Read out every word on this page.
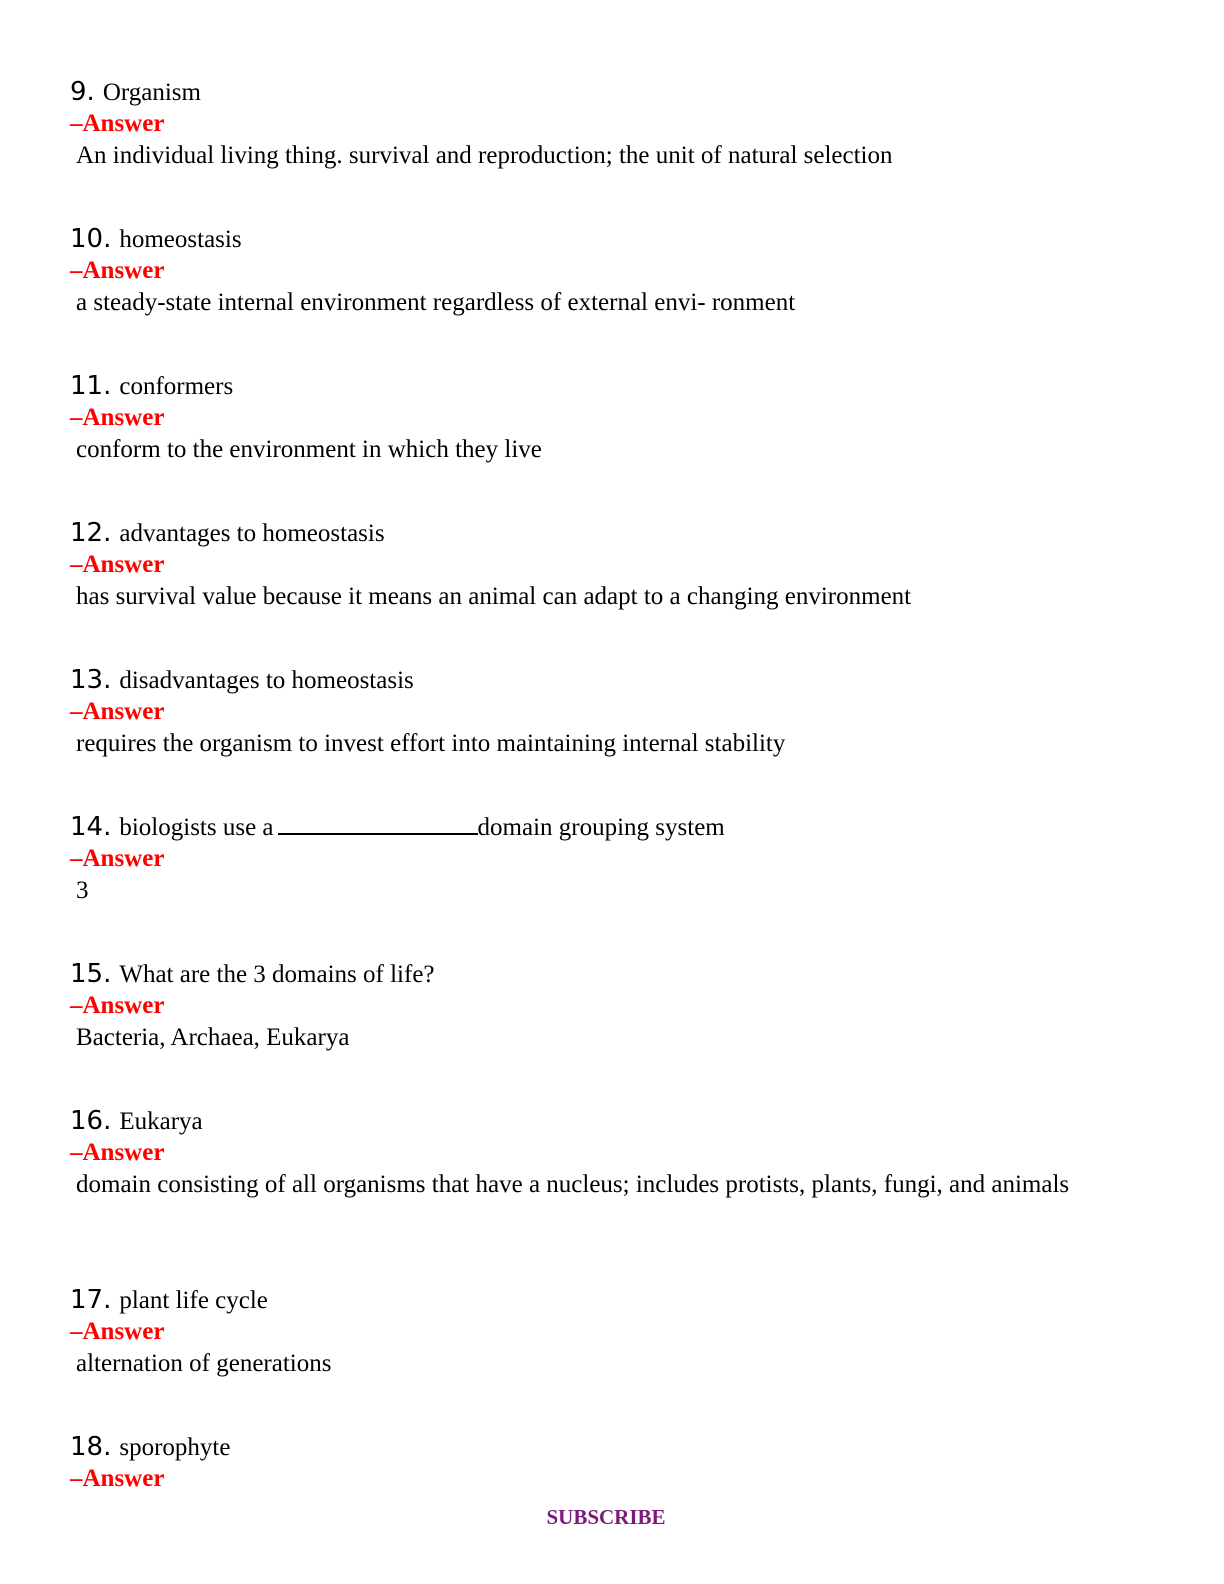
9. Organism
–Answer
An individual living thing. survival and reproduction; the unit of natural selection
10. homeostasis
–Answer
a steady-state internal environment regardless of external envi- ronment
11. conformers
–Answer
conform to the environment in which they live
12. advantages to homeostasis
–Answer
has survival value because it means an animal can adapt to a changing environment
13. disadvantages to homeostasis
–Answer
requires the organism to invest effort into maintaining internal stability
14. biologists use a	domain grouping system
–Answer
3
15. What are the 3 domains of life?
–Answer
Bacteria, Archaea, Eukarya
16. Eukarya
–Answer
domain consisting of all organisms that have a nucleus; includes protists, plants, fungi, and animals
17. plant life cycle
–Answer
alternation of generations
18. sporophyte
–Answer
SUBSCRIBE
